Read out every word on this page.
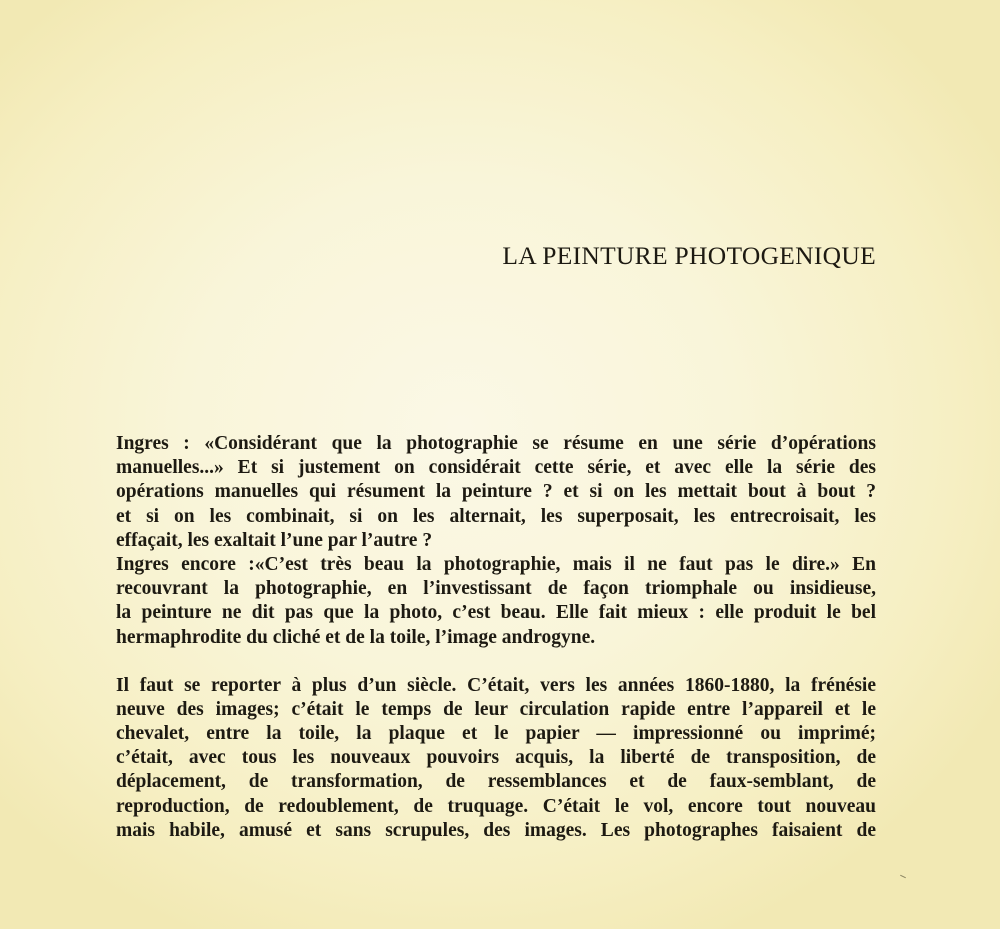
LA PEINTURE PHOTOGENIQUE
Ingres : «Considérant que la photographie se résume en une série d’opérations
manuelles...» Et si justement on considérait cette série, et avec elle la série des
opérations manuelles qui résument la peinture ? et si on les mettait bout à bout ?
et si on les combinait, si on les alternait, les superposait, les entrecroisait, les
effaçait, les exaltait l’une par l’autre ?
Ingres encore :«C’est très beau la photographie, mais il ne faut pas le dire.» En
recouvrant la photographie, en l’investissant de façon triomphale ou insidieuse,
la peinture ne dit pas que la photo, c’est beau. Elle fait mieux : elle produit le bel
hermaphrodite du cliché et de la toile, l’image androgyne.
Il faut se reporter à plus d’un siècle. C’était, vers les années 1860-1880, la frénésie
neuve des images; c’était le temps de leur circulation rapide entre l’appareil et le
chevalet, entre la toile, la plaque et le papier — impressionné ou imprimé;
c’était, avec tous les nouveaux pouvoirs acquis, la liberté de transposition, de
déplacement, de transformation, de ressemblances et de faux-semblant, de
reproduction, de redoublement, de truquage. C’était le vol, encore tout nouveau
mais habile, amusé et sans scrupules, des images. Les photographes faisaient de
